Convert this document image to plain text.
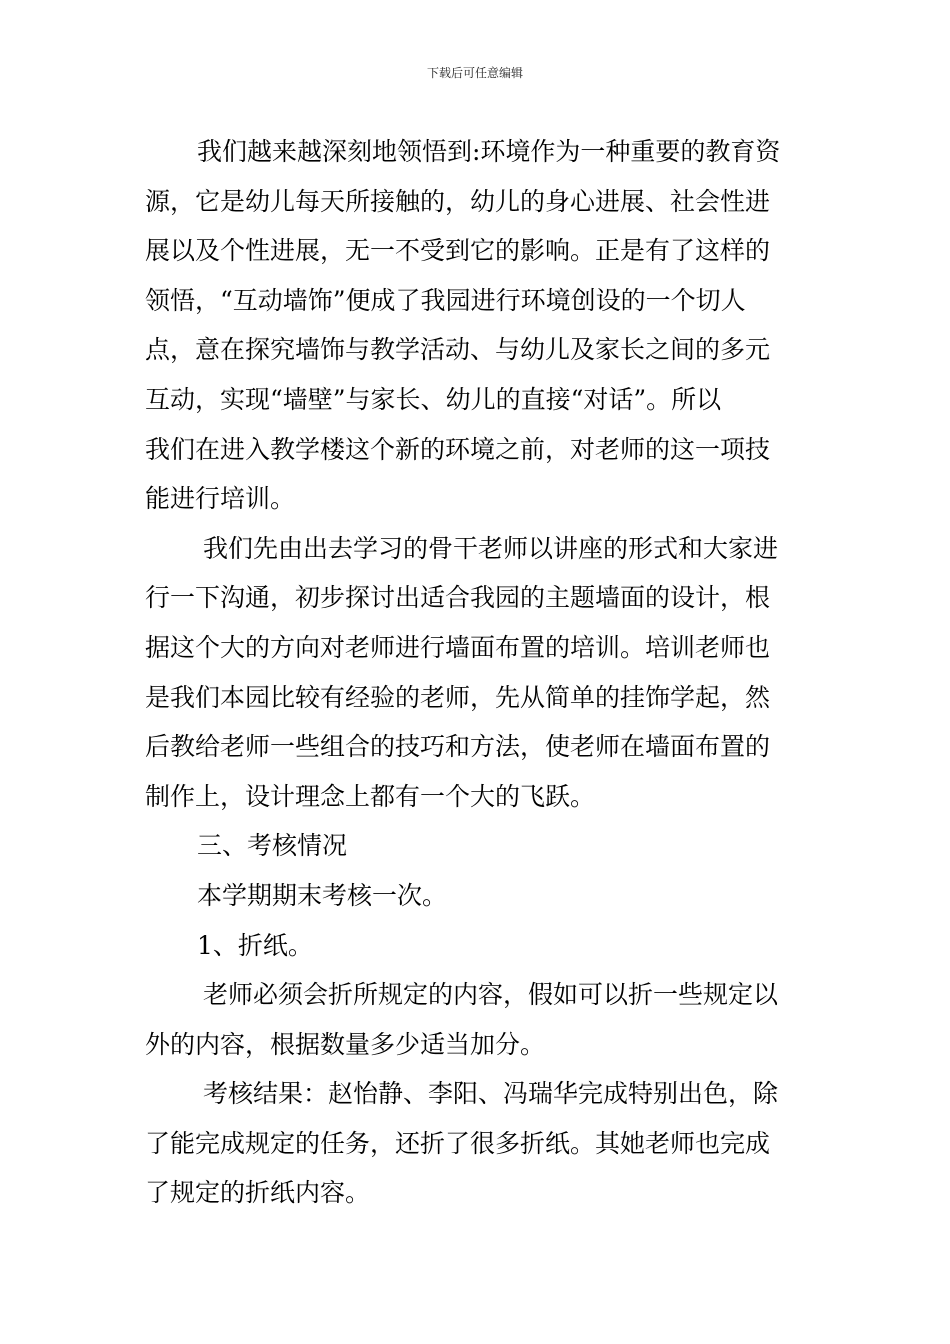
下载后可任意编辑
我们越来越深刻地领悟到:环境作为一种重要的教育资
源，它是幼儿每天所接触的，幼儿的身心进展、社会性进
展以及个性进展，无一不受到它的影响。正是有了这样的
领悟，“互动墙饰”便成了我园进行环境创设的一个切人
点，意在探究墙饰与教学活动、与幼儿及家长之间的多元
互动，实现“墙壁”与家长、幼儿的直接“对话”。所以
我们在进入教学楼这个新的环境之前，对老师的这一项技
能进行培训。
我们先由出去学习的骨干老师以讲座的形式和大家进
行一下沟通，初步探讨出适合我园的主题墙面的设计，根
据这个大的方向对老师进行墙面布置的培训。培训老师也
是我们本园比较有经验的老师，先从简单的挂饰学起，然
后教给老师一些组合的技巧和方法，使老师在墙面布置的
制作上，设计理念上都有一个大的飞跃。
三、考核情况
本学期期末考核一次。
1、折纸。
老师必须会折所规定的内容，假如可以折一些规定以
外的内容，根据数量多少适当加分。
考核结果：赵怡静、李阳、冯瑞华完成特别出色，除
了能完成规定的任务，还折了很多折纸。其她老师也完成
了规定的折纸内容。
